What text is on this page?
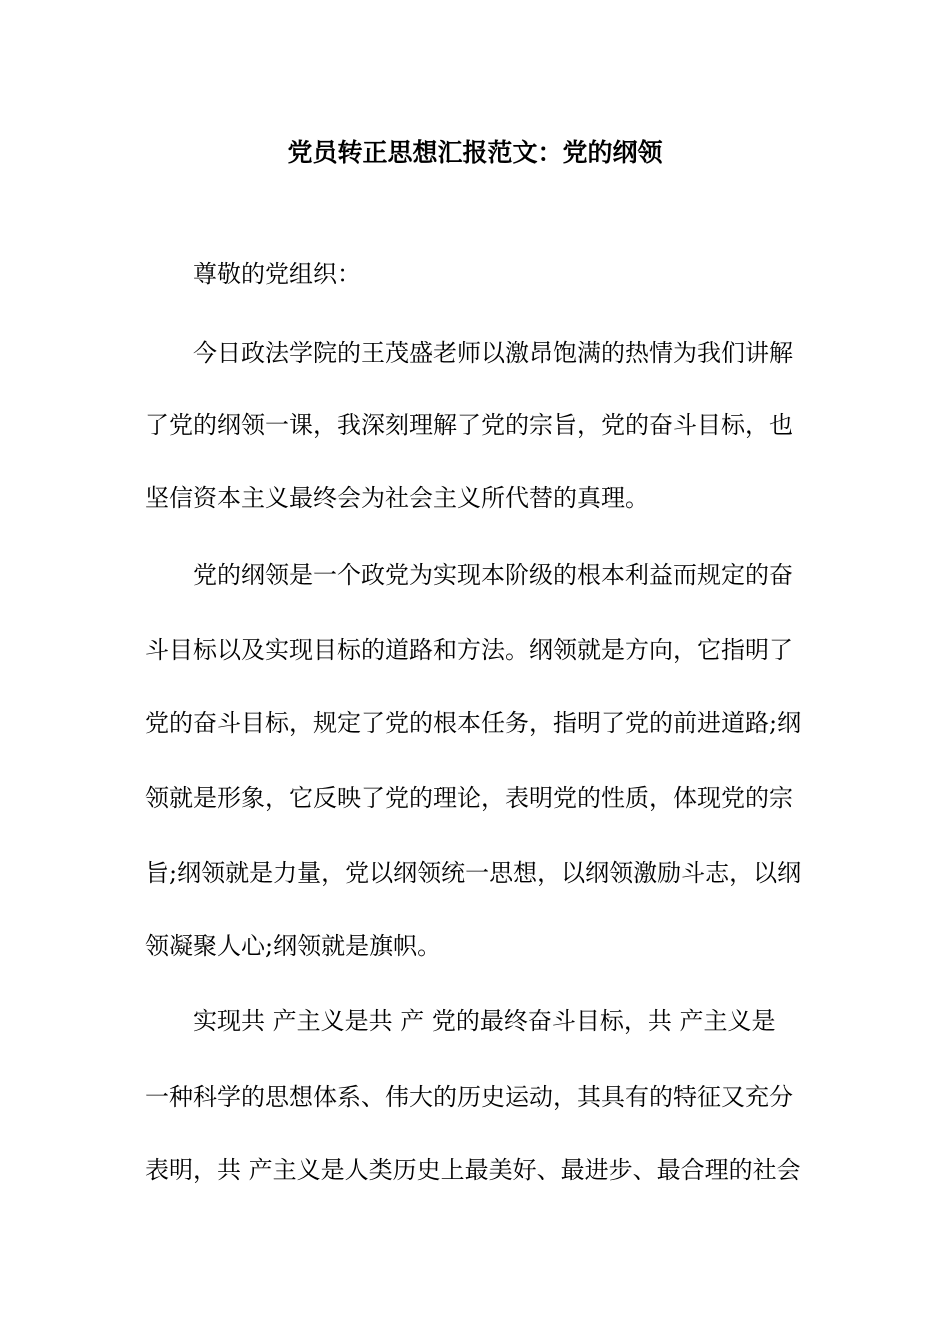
党员转正思想汇报范文：党的纲领
尊敬的党组织：
今日政法学院的王茂盛老师以激昂饱满的热情为我们讲解
了党的纲领一课，我深刻理解了党的宗旨，党的奋斗目标，也
坚信资本主义最终会为社会主义所代替的真理。
党的纲领是一个政党为实现本阶级的根本利益而规定的奋
斗目标以及实现目标的道路和方法。纲领就是方向，它指明了
党的奋斗目标，规定了党的根本任务，指明了党的前进道路;纲
领就是形象，它反映了党的理论，表明党的性质，体现党的宗
旨;纲领就是力量，党以纲领统一思想，以纲领激励斗志，以纲
领凝聚人心;纲领就是旗帜。
实现共 产主义是共 产 党的最终奋斗目标，共 产主义是
一种科学的思想体系、伟大的历史运动，其具有的特征又充分
表明，共 产主义是人类历史上最美好、最进步、最合理的社会
